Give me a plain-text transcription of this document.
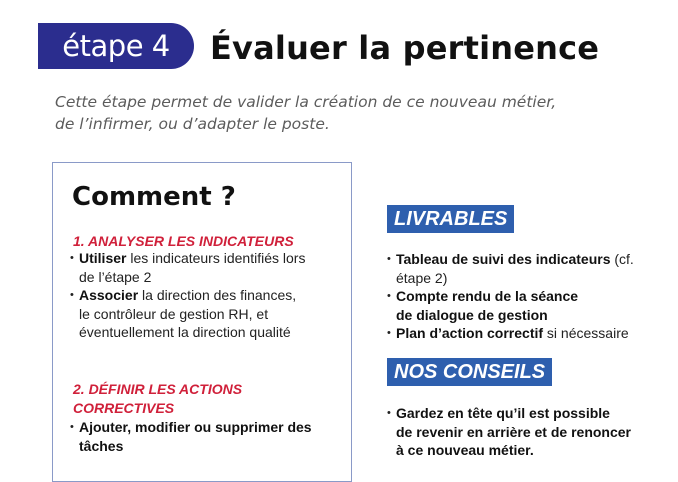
étape 4	Évaluer la pertinence

Cette étape permet de valider la création de ce nouveau métier,
de l’infirmer, ou d’adapter le poste.

Comment ?
1. ANALYSER LES INDICATEURS
• Utiliser les indicateurs identifiés lors
de l’étape 2
• Associer la direction des finances,
le contrôleur de gestion RH, et
éventuellement la direction qualité
2. DÉFINIR LES ACTIONS
CORRECTIVES
• Ajouter, modifier ou supprimer des
tâches
LIVRABLES
• Tableau de suivi des indicateurs (cf.
étape 2)
• Compte rendu de la séance
de dialogue de gestion
• Plan d’action correctif si nécessaire
NOS CONSEILS
• Gardez en tête qu’il est possible
de revenir en arrière et de renoncer
à ce nouveau métier.
